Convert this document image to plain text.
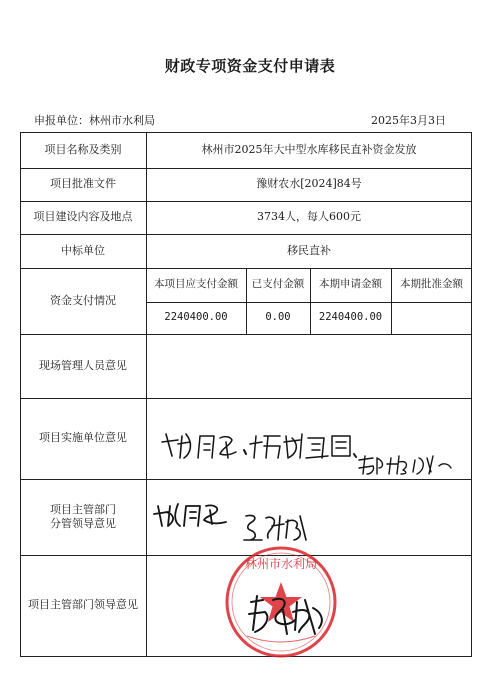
财政专项资金支付申请表
申报单位：林州市水利局	2025年3月3日
项目名称及类别	林州市2025年大中型水库移民直补资金发放
项目批准文件	豫财农水[2024]84号
项目建设内容及地点	3734人，每人600元
中标单位	移民直补
资金支付情况
本项目应支付金额	已支付金额	本期申请金额	本期批准金额
2240400.00	0.00	2240400.00
现场管理人员意见
项目实施单位意见
项目主管部门
分管领导意见
项目主管部门领导意见
林州市水利局
